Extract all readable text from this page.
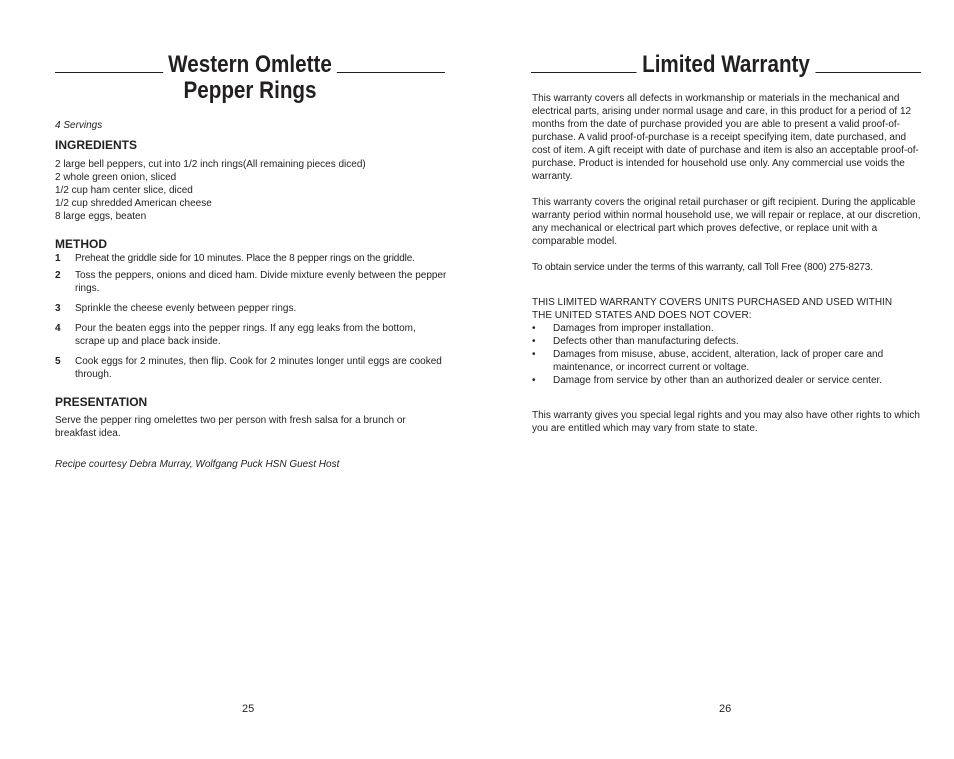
Western Omlette
Pepper Rings

4 Servings

INGREDIENTS

2 large bell peppers, cut into 1/2 inch rings(All remaining pieces diced)

2 whole green onion, sliced

1/2 cup ham center slice, diced

1/2 cup shredded American cheese

8 large eggs, beaten

METHOD

1 Preheat the griddle side for 10 minutes. Place the 8 pepper rings on the griddle.
2 Toss the peppers, onions and diced ham. Divide mixture evenly between the pepper rings.
3 Sprinkle the cheese evenly between pepper rings.
4 Pour the beaten eggs into the pepper rings. If any egg leaks from the bottom, scrape up and place back inside.
5 Cook eggs for 2 minutes, then flip. Cook for 2 minutes longer until eggs are cooked through.

PRESENTATION

Serve the pepper ring omelettes two per person with fresh salsa for a brunch or breakfast idea.

Recipe courtesy Debra Murray, Wolfgang Puck HSN Guest Host

25
Limited Warranty

This warranty covers all defects in workmanship or materials in the mechanical and electrical parts, arising under normal usage and care, in this product for a period of 12 months from the date of purchase provided you are able to present a valid proof-of-purchase. A valid proof-of-purchase is a receipt specifying item, date purchased, and cost of item. A gift receipt with date of purchase and item is also an acceptable proof-of-purchase. Product is intended for household use only. Any commercial use voids the warranty.

This warranty covers the original retail purchaser or gift recipient. During the applicable warranty period within normal household use, we will repair or replace, at our discretion, any mechanical or electrical part which proves defective, or replace unit with a comparable model.

To obtain service under the terms of this warranty, call Toll Free (800) 275-8273.

THIS LIMITED WARRANTY COVERS UNITS PURCHASED AND USED WITHIN THE UNITED STATES AND DOES NOT COVER:

• Damages from improper installation.
• Defects other than manufacturing defects.
• Damages from misuse, abuse, accident, alteration, lack of proper care and maintenance, or incorrect current or voltage.
• Damage from service by other than an authorized dealer or service center.

This warranty gives you special legal rights and you may also have other rights to which you are entitled which may vary from state to state.

26
